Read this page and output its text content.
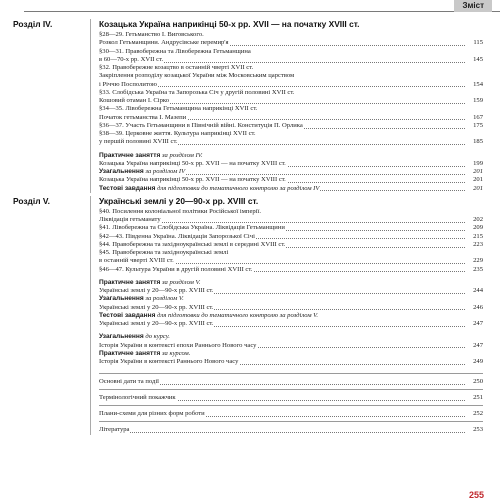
Зміст
Розділ IV.	Козацька Україна наприкінці 50-х рр. XVII — на початку XVIII ст.
§28—29. Гетьманство І. Виговського.
Розкол Гетьманщини. Андрусівське перемир'я	115
§30—31. Правобережна та Лівобережна Гетьманщина
в 60—70-х рр. XVII ст.	145
§32. Правобережне козацтво в останній чверті XVII ст.
Закріплення розподілу козацької України між Московським царством
і Річчю Посполитою	154
§33. Слобідська Україна та Запорозька Січ у другій половині XVII ст.
Кошовий отаман І. Сірко	159
§34—35. Лівобережна Гетьманщина наприкінці XVII ст.
Початок гетьманства І. Мазепи	167
§36—37. Участь Гетьманщини в Північній війні. Конституція П. Орлика	175
§38—39. Церковне життя. Культура наприкінці XVII ст.
у першій половині XVIII ст.	185
Практичне заняття за розділом IV.
Козацька Україна наприкінці 50-х рр. XVII — на початку XVIII ст.	199
Узагальнення за розділом IV	201
Козацька Україна наприкінці 50-х рр. XVII — на початку XVIII ст.	201
Тестові завдання для підготовки до тематичного контролю за розділом IV	201
Розділ V.	Українські землі у 20—90-х рр. XVIII ст.
§40. Посилення колоніальної політики Російської імперії.
Ліквідація гетьманату	202
§41. Лівобережна та Слобідська Україна. Ліквідація Гетьманщини	209
§42—43. Південна Україна. Ліквідація Запорозької Січі	215
§44. Правобережна та західноукраїнські землі в середині XVIII ст.	223
§45. Правобережна та західноукраїнські землі
в останній чверті XVIII ст.	229
§46—47. Культура України в другій половині XVIII ст.	235
Практичне заняття за розділом V.
Українські землі у 20—90-х рр. XVIII ст.	244
Узагальнення за розділом V.
Українські землі у 20—90-х рр. XVIII ст.	246
Тестові завдання для підготовки до тематичного контролю за розділом V.
Українські землі у 20—90-х рр. XVIII ст.	247
Узагальнення до курсу.
Історія України в контексті епохи Раннього Нового часу	247
Практичне заняття за курсом.
Історія України в контексті Раннього Нового часу	249
Основні дати та події	250
Термінологічний покажчик	251
Плани-схеми для різних форм роботи	252
Література	253
255
